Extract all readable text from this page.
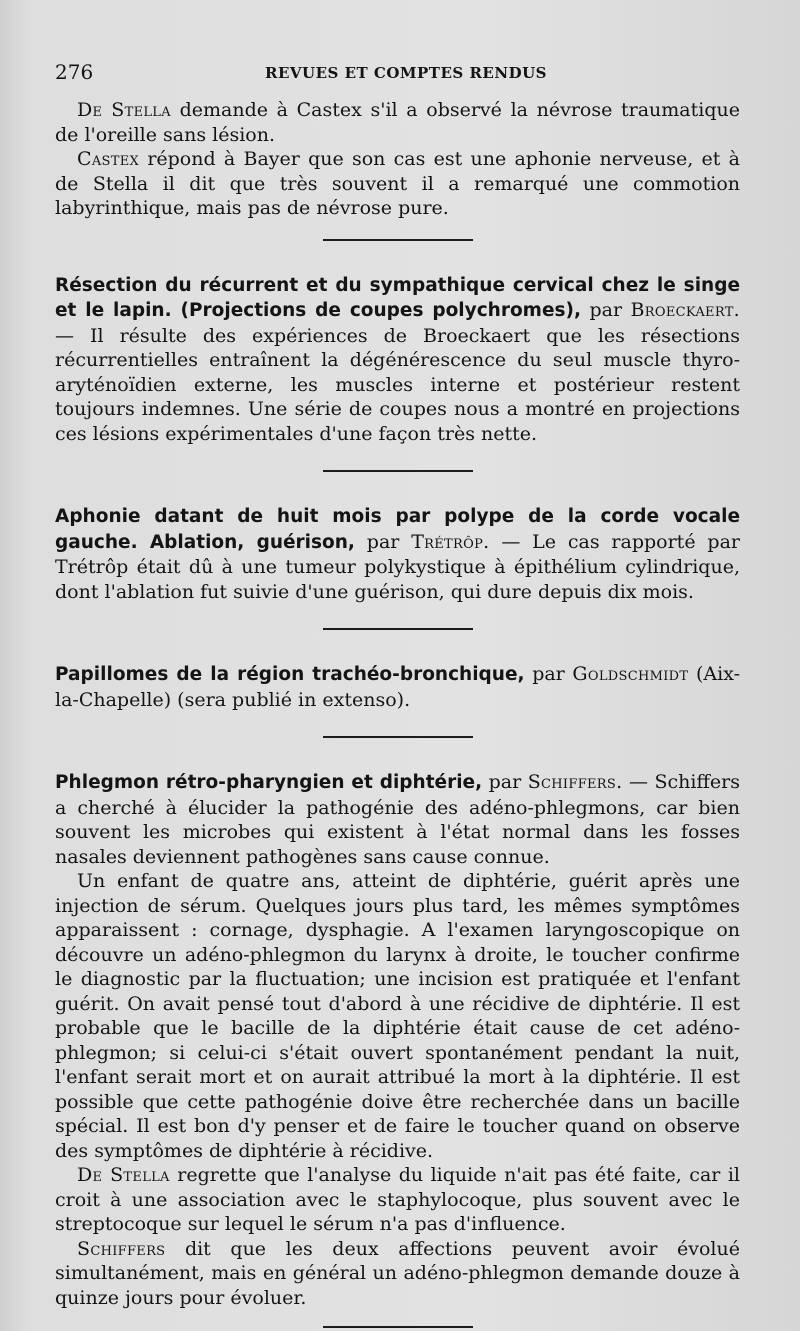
276	REVUES ET COMPTES RENDUS

De Stella demande à Castex s'il a observé la névrose traumatique de l'oreille sans lésion.

Castex répond à Bayer que son cas est une aphonie nerveuse, et à de Stella il dit que très souvent il a remarqué une commotion labyrinthique, mais pas de névrose pure.

Résection du récurrent et du sympathique cervical chez le singe et le lapin. (Projections de coupes polychromes), par Broeckaert. — Il résulte des expériences de Broeckaert que les résections récurrentielles entraînent la dégénérescence du seul muscle thyro-aryténoïdien externe, les muscles interne et postérieur restent toujours indemnes. Une série de coupes nous a montré en projections ces lésions expérimentales d'une façon très nette.

Aphonie datant de huit mois par polype de la corde vocale gauche. Ablation, guérison, par Trétrôp. — Le cas rapporté par Trétrôp était dû à une tumeur polykystique à épithélium cylindrique, dont l'ablation fut suivie d'une guérison, qui dure depuis dix mois.

Papillomes de la région trachéo-bronchique, par Goldschmidt (Aix-la-Chapelle) (sera publié in extenso).

Phlegmon rétro-pharyngien et diphtérie, par Schiffers. — Schiffers a cherché à élucider la pathogénie des adéno-phlegmons, car bien souvent les microbes qui existent à l'état normal dans les fosses nasales deviennent pathogènes sans cause connue.

Un enfant de quatre ans, atteint de diphtérie, guérit après une injection de sérum. Quelques jours plus tard, les mêmes symptômes apparaissent : cornage, dysphagie. A l'examen laryngoscopique on découvre un adéno-phlegmon du larynx à droite, le toucher confirme le diagnostic par la fluctuation; une incision est pratiquée et l'enfant guérit. On avait pensé tout d'abord à une récidive de diphtérie. Il est probable que le bacille de la diphtérie était cause de cet adéno-phlegmon; si celui-ci s'était ouvert spontanément pendant la nuit, l'enfant serait mort et on aurait attribué la mort à la diphtérie. Il est possible que cette pathogénie doive être recherchée dans un bacille spécial. Il est bon d'y penser et de faire le toucher quand on observe des symptômes de diphtérie à récidive.

De Stella regrette que l'analyse du liquide n'ait pas été faite, car il croit à une association avec le staphylocoque, plus souvent avec le streptocoque sur lequel le sérum n'a pas d'influence.

Schiffers dit que les deux affections peuvent avoir évolué simultanément, mais en général un adéno-phlegmon demande douze à quinze jours pour évoluer.
